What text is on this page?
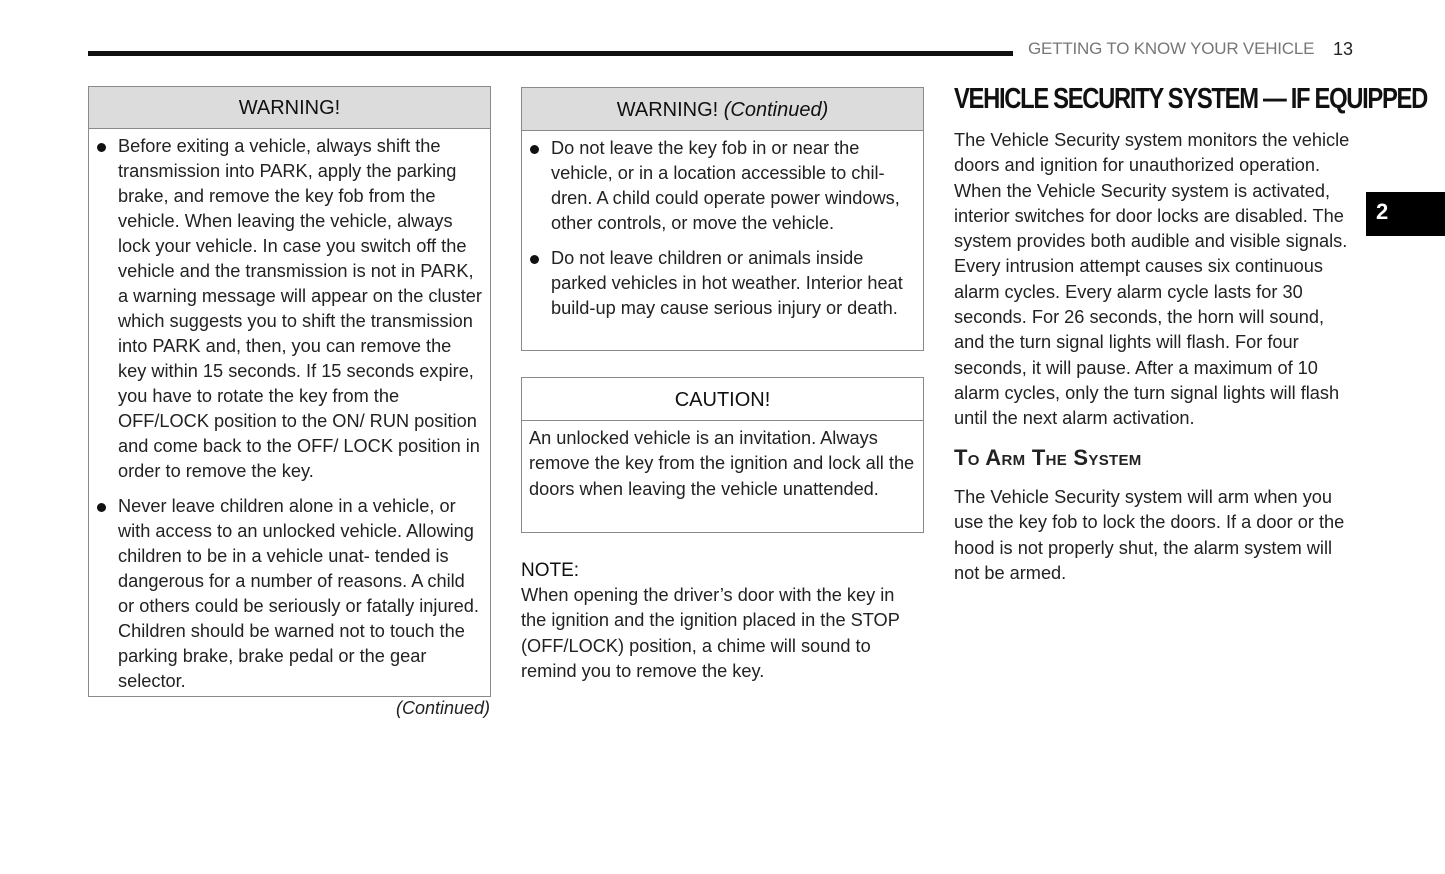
GETTING TO KNOW YOUR VEHICLE 13
2
WARNING!
Before exiting a vehicle, always shift the transmission into PARK, apply the parking brake, and remove the key fob from the vehicle. When leaving the vehicle, always lock your vehicle. In case you switch off the vehicle and the transmission is not in PARK, a warning message will appear on the cluster which suggests you to shift the transmission into PARK and, then, you can remove the key within 15 seconds. If 15 seconds expire, you have to rotate the key from the OFF/LOCK position to the ON/ RUN position and come back to the OFF/ LOCK position in order to remove the key.
Never leave children alone in a vehicle, or with access to an unlocked vehicle. Allowing children to be in a vehicle unat- tended is dangerous for a number of reasons. A child or others could be seriously or fatally injured. Children should be warned not to touch the parking brake, brake pedal or the gear selector.
(Continued)
WARNING! (Continued)
Do not leave the key fob in or near the vehicle, or in a location accessible to chil- dren. A child could operate power windows, other controls, or move the vehicle.
Do not leave children or animals inside parked vehicles in hot weather. Interior heat build-up may cause serious injury or death.
CAUTION!
An unlocked vehicle is an invitation. Always remove the key from the ignition and lock all the doors when leaving the vehicle unattended.
NOTE:
When opening the driver’s door with the key in the ignition and the ignition placed in the STOP (OFF/LOCK) position, a chime will sound to remind you to remove the key.
VEHICLE SECURITY SYSTEM — IF EQUIPPED
The Vehicle Security system monitors the vehicle doors and ignition for unauthorized operation. When the Vehicle Security system is activated, interior switches for door locks are disabled. The system provides both audible and visible signals. Every intrusion attempt causes six continuous alarm cycles. Every alarm cycle lasts for 30 seconds. For 26 seconds, the horn will sound, and the turn signal lights will flash. For four seconds, it will pause. After a maximum of 10 alarm cycles, only the turn signal lights will flash until the next alarm activation.
To Arm The System
The Vehicle Security system will arm when you use the key fob to lock the doors. If a door or the hood is not properly shut, the alarm system will not be armed.
